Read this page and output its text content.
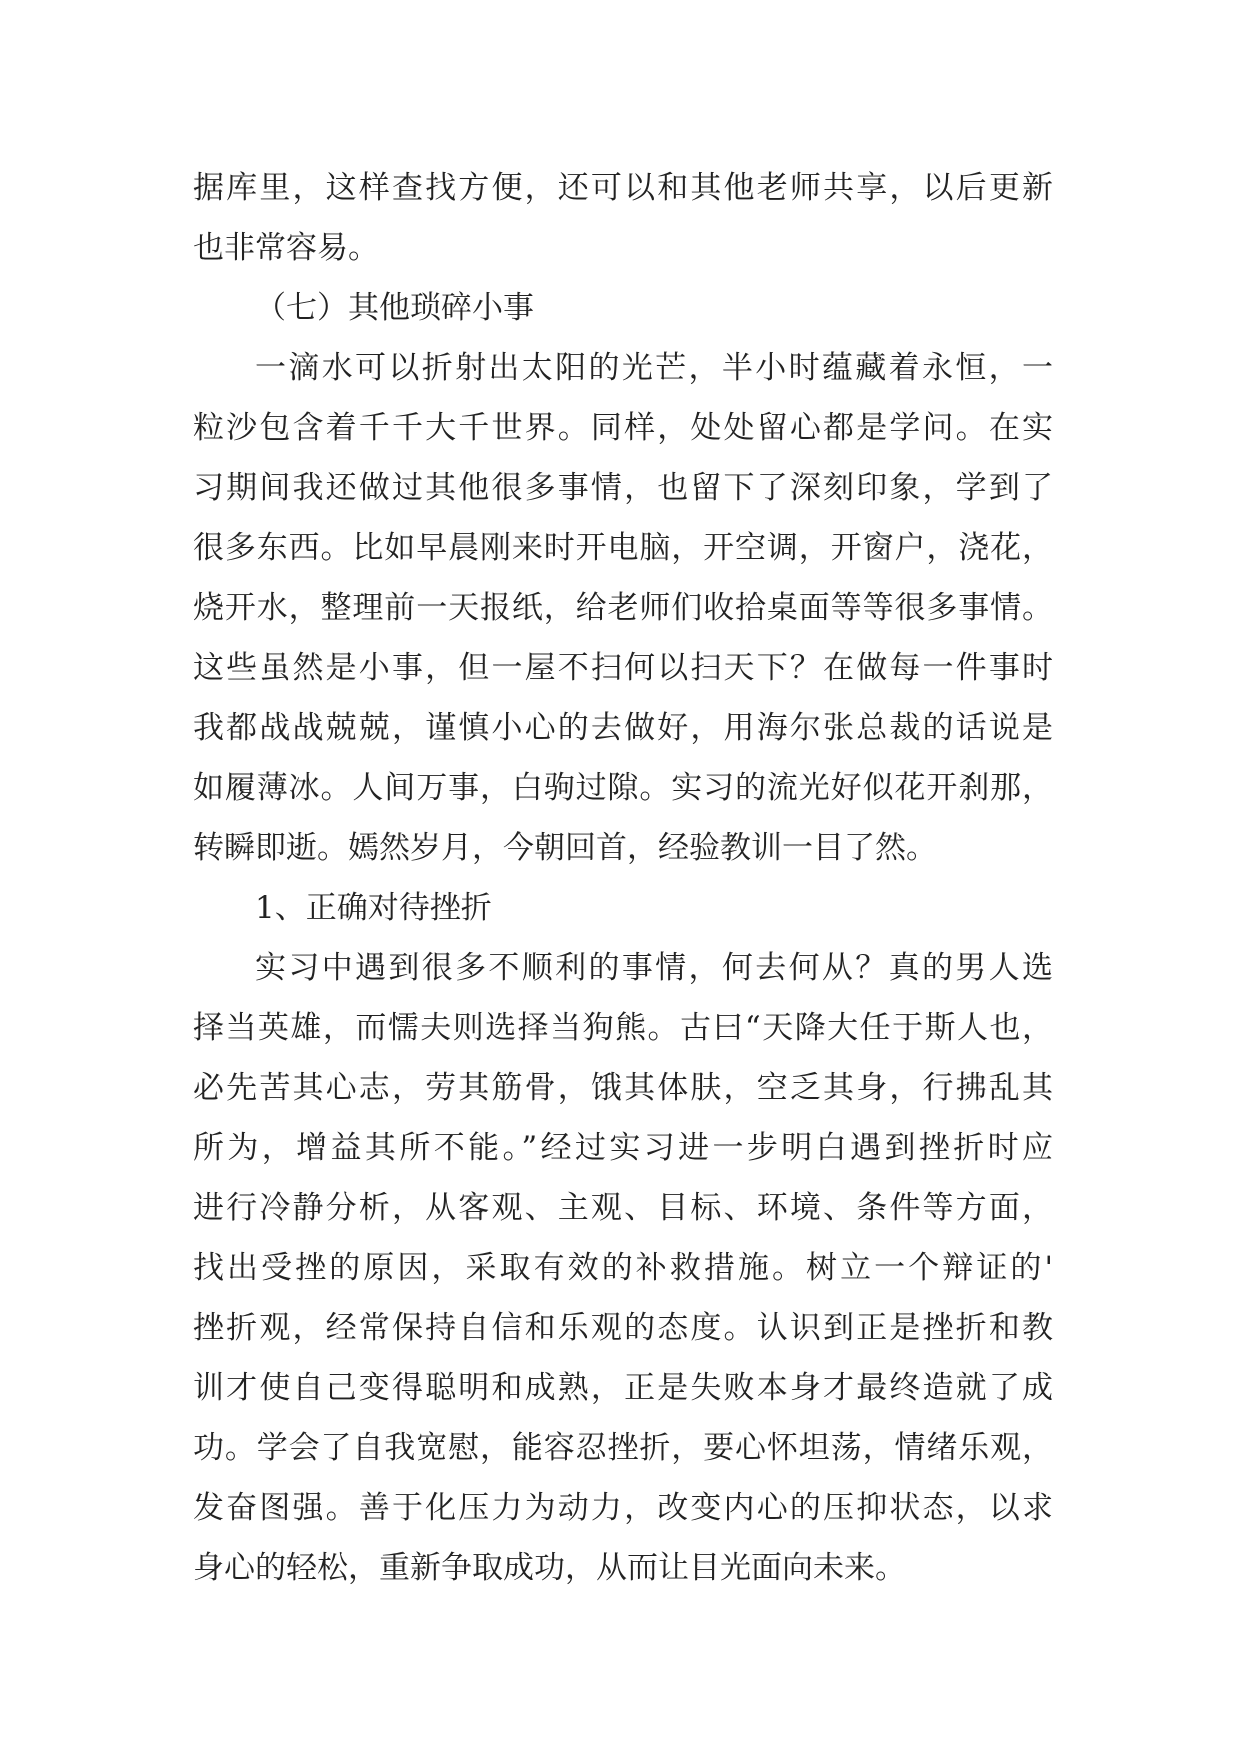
据库里，这样查找方便，还可以和其他老师共享，以后更新
也非常容易。
（七）其他琐碎小事
一滴水可以折射出太阳的光芒，半小时蕴藏着永恒，一
粒沙包含着千千大千世界。同样，处处留心都是学问。在实
习期间我还做过其他很多事情，也留下了深刻印象，学到了
很多东西。比如早晨刚来时开电脑，开空调，开窗户，浇花，
烧开水，整理前一天报纸，给老师们收拾桌面等等很多事情。
这些虽然是小事，但一屋不扫何以扫天下？在做每一件事时
我都战战兢兢，谨慎小心的去做好，用海尔张总裁的话说是
如履薄冰。人间万事，白驹过隙。实习的流光好似花开刹那，
转瞬即逝。嫣然岁月，今朝回首，经验教训一目了然。
1、正确对待挫折
实习中遇到很多不顺利的事情，何去何从？真的男人选
择当英雄，而懦夫则选择当狗熊。古曰“天降大任于斯人也，
必先苦其心志，劳其筋骨，饿其体肤，空乏其身，行拂乱其
所为，增益其所不能。”经过实习进一步明白遇到挫折时应
进行冷静分析，从客观、主观、目标、环境、条件等方面，
找出受挫的原因，采取有效的补救措施。树立一个辩证的'
挫折观，经常保持自信和乐观的态度。认识到正是挫折和教
训才使自己变得聪明和成熟，正是失败本身才最终造就了成
功。学会了自我宽慰，能容忍挫折，要心怀坦荡，情绪乐观，
发奋图强。善于化压力为动力，改变内心的压抑状态，以求
身心的轻松，重新争取成功，从而让目光面向未来。
